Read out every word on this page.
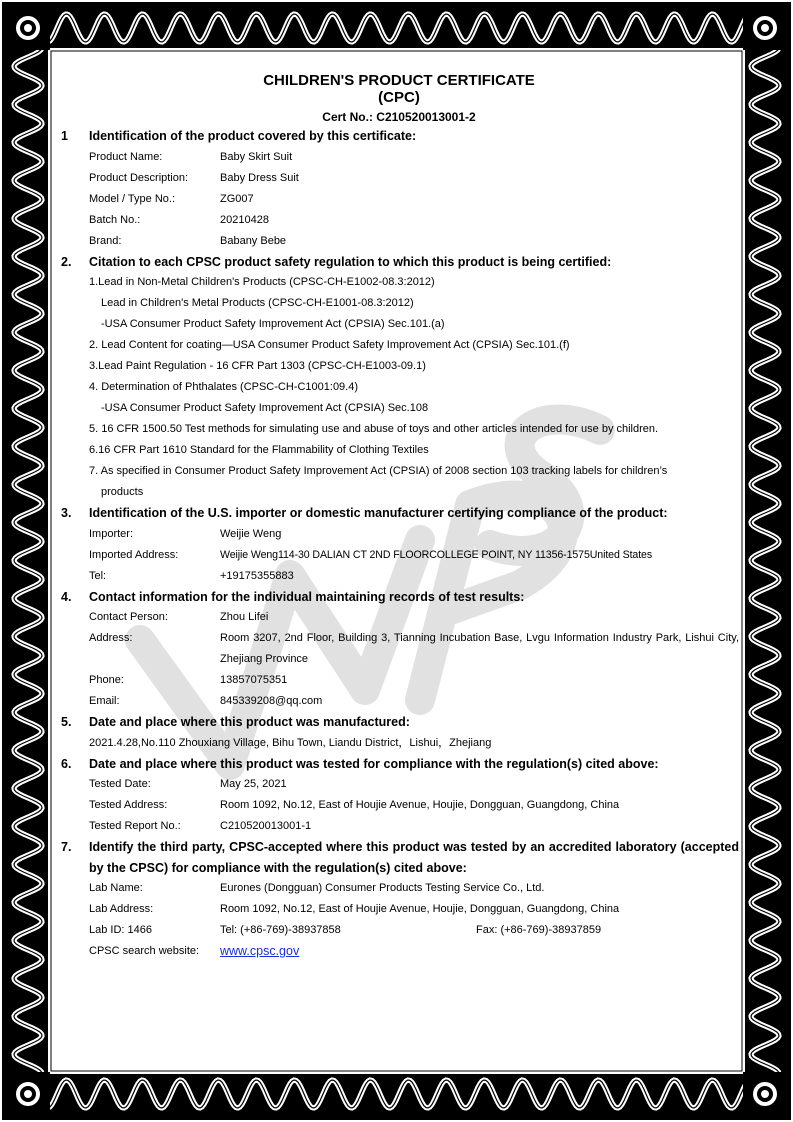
CHILDREN'S PRODUCT CERTIFICATE
(CPC)
Cert No.: C210520013001-2
1	Identification of the product covered by this certificate:
Product Name:	Baby Skirt Suit
Product Description:	Baby Dress Suit
Model / Type No.:	ZG007
Batch No.:	20210428
Brand:	Babany Bebe
2.	Citation to each CPSC product safety regulation to which this product is being certified:
1.Lead in Non-Metal Children's Products (CPSC-CH-E1002-08.3:2012)
Lead in Children's Metal Products (CPSC-CH-E1001-08.3:2012)
-USA Consumer Product Safety Improvement Act (CPSIA) Sec.101.(a)
2. Lead Content for coating—USA Consumer Product Safety Improvement Act (CPSIA) Sec.101.(f)
3.Lead Paint Regulation - 16 CFR Part 1303 (CPSC-CH-E1003-09.1)
4. Determination of Phthalates (CPSC-CH-C1001:09.4)
-USA Consumer Product Safety Improvement Act (CPSIA) Sec.108
5. 16 CFR 1500.50 Test methods for simulating use and abuse of toys and other articles intended for use by children.
6.16 CFR Part 1610 Standard for the Flammability of Clothing Textiles
7. As specified in Consumer Product Safety Improvement Act (CPSIA) of 2008 section 103 tracking labels for children’s
products
3.	Identification of the U.S. importer or domestic manufacturer certifying compliance of the product:
Importer:	Weijie Weng
Imported Address:	Weijie Weng114-30 DALIAN CT 2ND FLOORCOLLEGE POINT, NY 11356-1575United States
Tel:	+19175355883
4.	Contact information for the individual maintaining records of test results:
Contact Person:	Zhou Lifei
Address:	Room 3207, 2nd Floor, Building 3, Tianning Incubation Base, Lvgu Information Industry Park, Lishui City, Zhejiang Province
Phone:	13857075351
Email:	845339208@qq.com
5.	Date and place where this product was manufactured:
2021.4.28,No.110 Zhouxiang Village, Bihu Town, Liandu District，Lishui，Zhejiang
6.	Date and place where this product was tested for compliance with the regulation(s) cited above:
Tested Date:	May 25, 2021
Tested Address:	Room 1092, No.12, East of Houjie Avenue, Houjie, Dongguan, Guangdong, China
Tested Report No.:	C210520013001-1
7.	Identify the third party, CPSC-accepted where this product was tested by an accredited laboratory (accepted by the CPSC) for compliance with the regulation(s) cited above:
Lab Name:	Eurones (Dongguan) Consumer Products Testing Service Co., Ltd.
Lab Address:	Room 1092, No.12, East of Houjie Avenue, Houjie, Dongguan, Guangdong, China
Lab ID: 1466	Tel: (+86-769)-38937858	Fax: (+86-769)-38937859
CPSC search website:	www.cpsc.gov
